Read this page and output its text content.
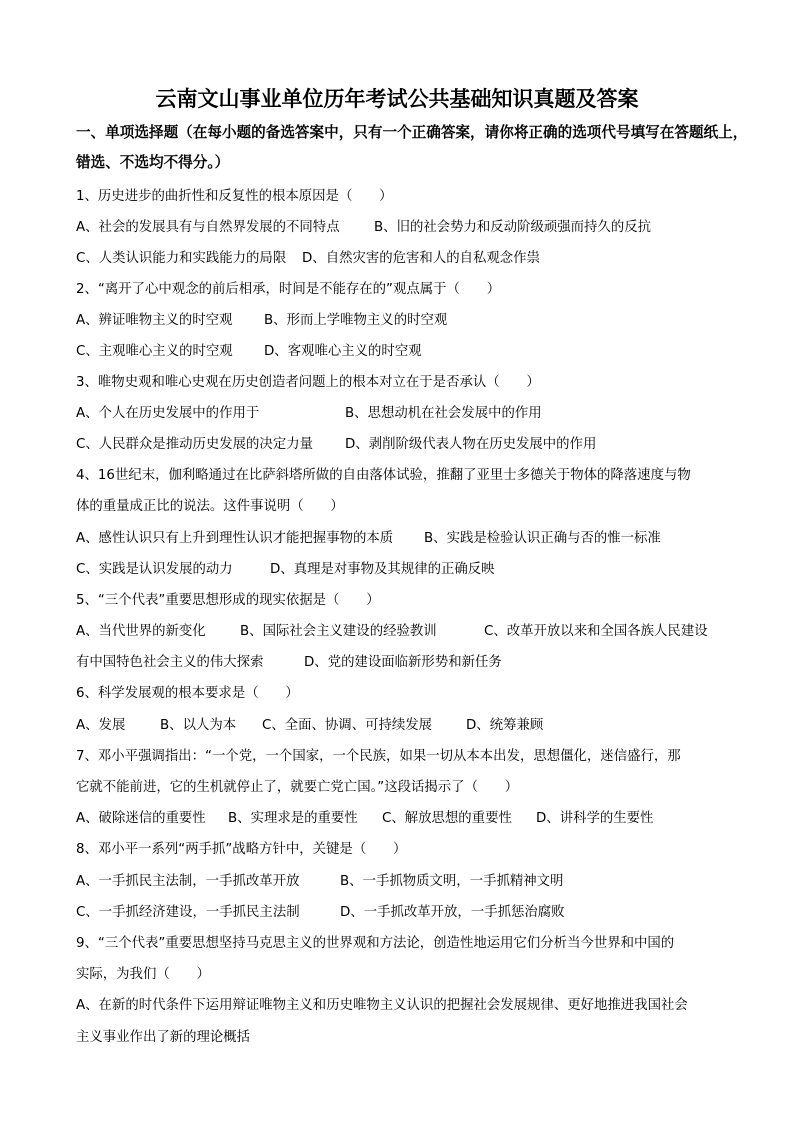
云南文山事业单位历年考试公共基础知识真题及答案
一、单项选择题（在每小题的备选答案中，只有一个正确答案，请你将正确的选项代号填写在答题纸上，
错选、不选均不得分。）
1、历史进步的曲折性和反复性的根本原因是（　　）
A、社会的发展具有与自然界发展的不同特点	B、旧的社会势力和反动阶级顽强而持久的反抗
C、人类认识能力和实践能力的局限 D、自然灾害的危害和人的自私观念作祟
2、“离开了心中观念的前后相承，时间是不能存在的”观点属于（　　）
A、辨证唯物主义的时空观 B、形而上学唯物主义的时空观
C、主观唯心主义的时空观 D、客观唯心主义的时空观
3、唯物史观和唯心史观在历史创造者问题上的根本对立在于是否承认（　　）
A、个人在历史发展中的作用于	B、思想动机在社会发展中的作用
C、人民群众是推动历史发展的决定力量 D、剥削阶级代表人物在历史发展中的作用
4、16世纪末，伽利略通过在比萨斜塔所做的自由落体试验，推翻了亚里士多德关于物体的降落速度与物
体的重量成正比的说法。这件事说明（　　）
A、感性认识只有上升到理性认识才能把握事物的本质 B、实践是检验认识正确与否的惟一标准
C、实践是认识发展的动力	D、真理是对事物及其规律的正确反映
5、“三个代表”重要思想形成的现实依据是（　　）
A、当代世界的新变化	B、国际社会主义建设的经验教训	C、改革开放以来和全国各族人民建设
有中国特色社会主义的伟大探索	D、党的建设面临新形势和新任务
6、科学发展观的根本要求是（　　）
A、发展	B、以人为本 C、全面、协调、可持续发展	D、统筹兼顾
7、邓小平强调指出：“一个党，一个国家，一个民族，如果一切从本本出发，思想僵化，迷信盛行，那
它就不能前进，它的生机就停止了，就要亡党亡国。”这段话揭示了（　　）
A、破除迷信的重要性 B、实理求是的重要性 C、解放思想的重要性 D、讲科学的生要性
8、邓小平一系列“两手抓”战略方针中，关键是（　　）
A、一手抓民主法制，一手抓改革开放	B、一手抓物质文明，一手抓精神文明
C、一手抓经济建设，一手抓民主法制	D、一手抓改革开放，一手抓惩治腐败
9、“三个代表”重要思想坚持马克思主义的世界观和方法论，创造性地运用它们分析当今世界和中国的
实际，为我们（　　）
A、在新的时代条件下运用辩证唯物主义和历史唯物主义认识的把握社会发展规律、更好地推进我国社会
主义事业作出了新的理论概括
